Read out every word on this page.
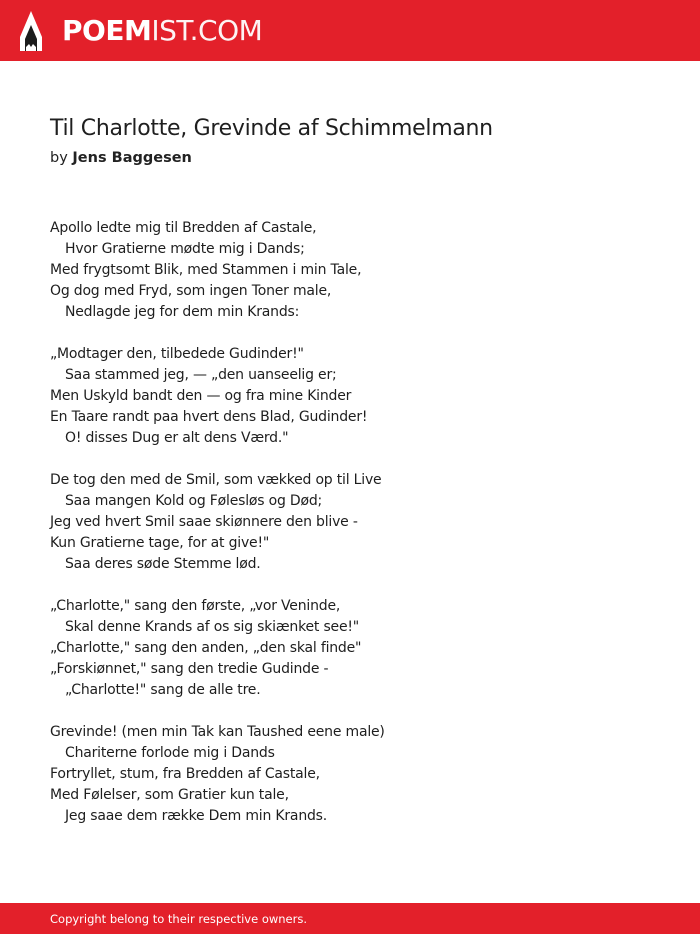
POEMIST.COM
Til Charlotte, Grevinde af Schimmelmann
by Jens Baggesen
Apollo ledte mig til Bredden af Castale,
Hvor Gratierne mødte mig i Dands;
Med frygtsomt Blik, med Stammen i min Tale,
Og dog med Fryd, som ingen Toner male,
Nedlagde jeg for dem min Krands:
„Modtager den, tilbedede Gudinder!"
Saa stammed jeg, — „den uanseelig er;
Men Uskyld bandt den — og fra mine Kinder
En Taare randt paa hvert dens Blad, Gudinder!
O! disses Dug er alt dens Værd."
De tog den med de Smil, som vækked op til Live
Saa mangen Kold og Følesløs og Død;
Jeg ved hvert Smil saae skiønnere den blive -
Kun Gratierne tage, for at give!"
Saa deres søde Stemme lød.
„Charlotte," sang den første, „vor Veninde,
Skal denne Krands af os sig skiænket see!"
„Charlotte," sang den anden, „den skal finde"
„Forskiønnet," sang den tredie Gudinde -
„Charlotte!" sang de alle tre.
Grevinde! (men min Tak kan Taushed eene male)
Chariterne forlode mig i Dands
Fortryllet, stum, fra Bredden af Castale,
Med Følelser, som Gratier kun tale,
Jeg saae dem række Dem min Krands.
Copyright belong to their respective owners.
